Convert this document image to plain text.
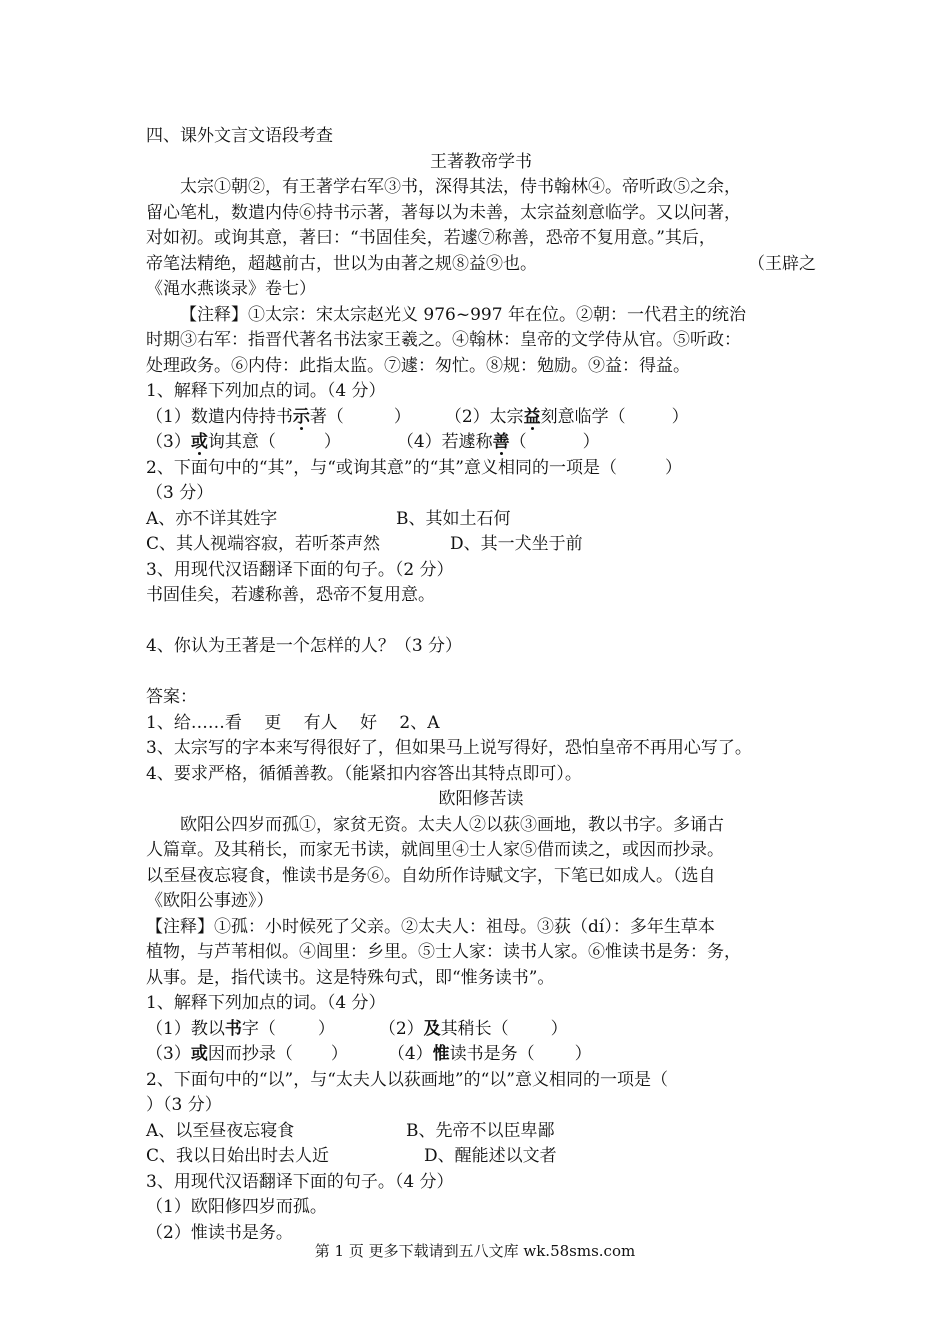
四、课外文言文语段考查
王著教帝学书
太宗①朝②，有王著学右军③书，深得其法，侍书翰林④。帝听政⑤之余，
留心笔札，数遣内侍⑥持书示著，著每以为未善，太宗益刻意临学。又以问著，
对如初。或询其意，著曰：“书固佳矣，若遽⑦称善，恐帝不复用意。”其后，
帝笔法精绝，超越前古，世以为由著之规⑧益⑨也。	（王辟之
《渑水燕谈录》卷七）
【注释】①太宗：宋太宗赵光义 976~997 年在位。②朝：一代君主的统治
时期③右军：指晋代著名书法家王羲之。④翰林：皇帝的文学侍从官。⑤听政：
处理政务。⑥内侍：此指太监。⑦遽：匆忙。⑧规：勉励。⑨益：得益。
1、解释下列加点的词。（4 分）
（1）数遣内侍持书示著（	） （2）太宗益刻意临学（	）
（3）或询其意（	）	（4）若遽称善（	）
2、下面句中的“其”，与“或询其意”的“其”意义相同的一项是（	）
（3 分）
A、亦不详其姓字	B、其如土石何
C、其人视端容寂，若听茶声然	D、其一犬坐于前
3、用现代汉语翻译下面的句子。（2 分）
书固佳矣，若遽称善，恐帝不复用意。
4、你认为王著是一个怎样的人？（3 分）
答案：
1、给……看　 更　 有人　 好　 2、A
3、太宗写的字本来写得很好了，但如果马上说写得好，恐怕皇帝不再用心写了。
4、要求严格，循循善教。（能紧扣内容答出其特点即可）。
欧阳修苦读
欧阳公四岁而孤①，家贫无资。太夫人②以荻③画地，教以书字。多诵古
人篇章。及其稍长，而家无书读，就闾里④士人家⑤借而读之，或因而抄录。
以至昼夜忘寝食，惟读书是务⑥。自幼所作诗赋文字，下笔已如成人。（选自
《欧阳公事迹》）
【注释】①孤：小时候死了父亲。②太夫人：祖母。③荻（dí）：多年生草本
植物，与芦苇相似。④闾里：乡里。⑤士人家：读书人家。⑥惟读书是务：务，
从事。是，指代读书。这是特殊句式，即“惟务读书”。
1、解释下列加点的词。（4 分）
（1）教以书字（ ）	（2）及其稍长（ ）
（3）或因而抄录（ ） （4）惟读书是务（ ）
2、下面句中的“以”，与“太夫人以荻画地”的“以”意义相同的一项是（
）（3 分）
A、以至昼夜忘寝食	B、先帝不以臣卑鄙
C、我以日始出时去人近	D、醒能述以文者
3、用现代汉语翻译下面的句子。（4 分）
（1）欧阳修四岁而孤。
（2）惟读书是务。
第 1 页 更多下载请到五八文库 wk.58sms.com
